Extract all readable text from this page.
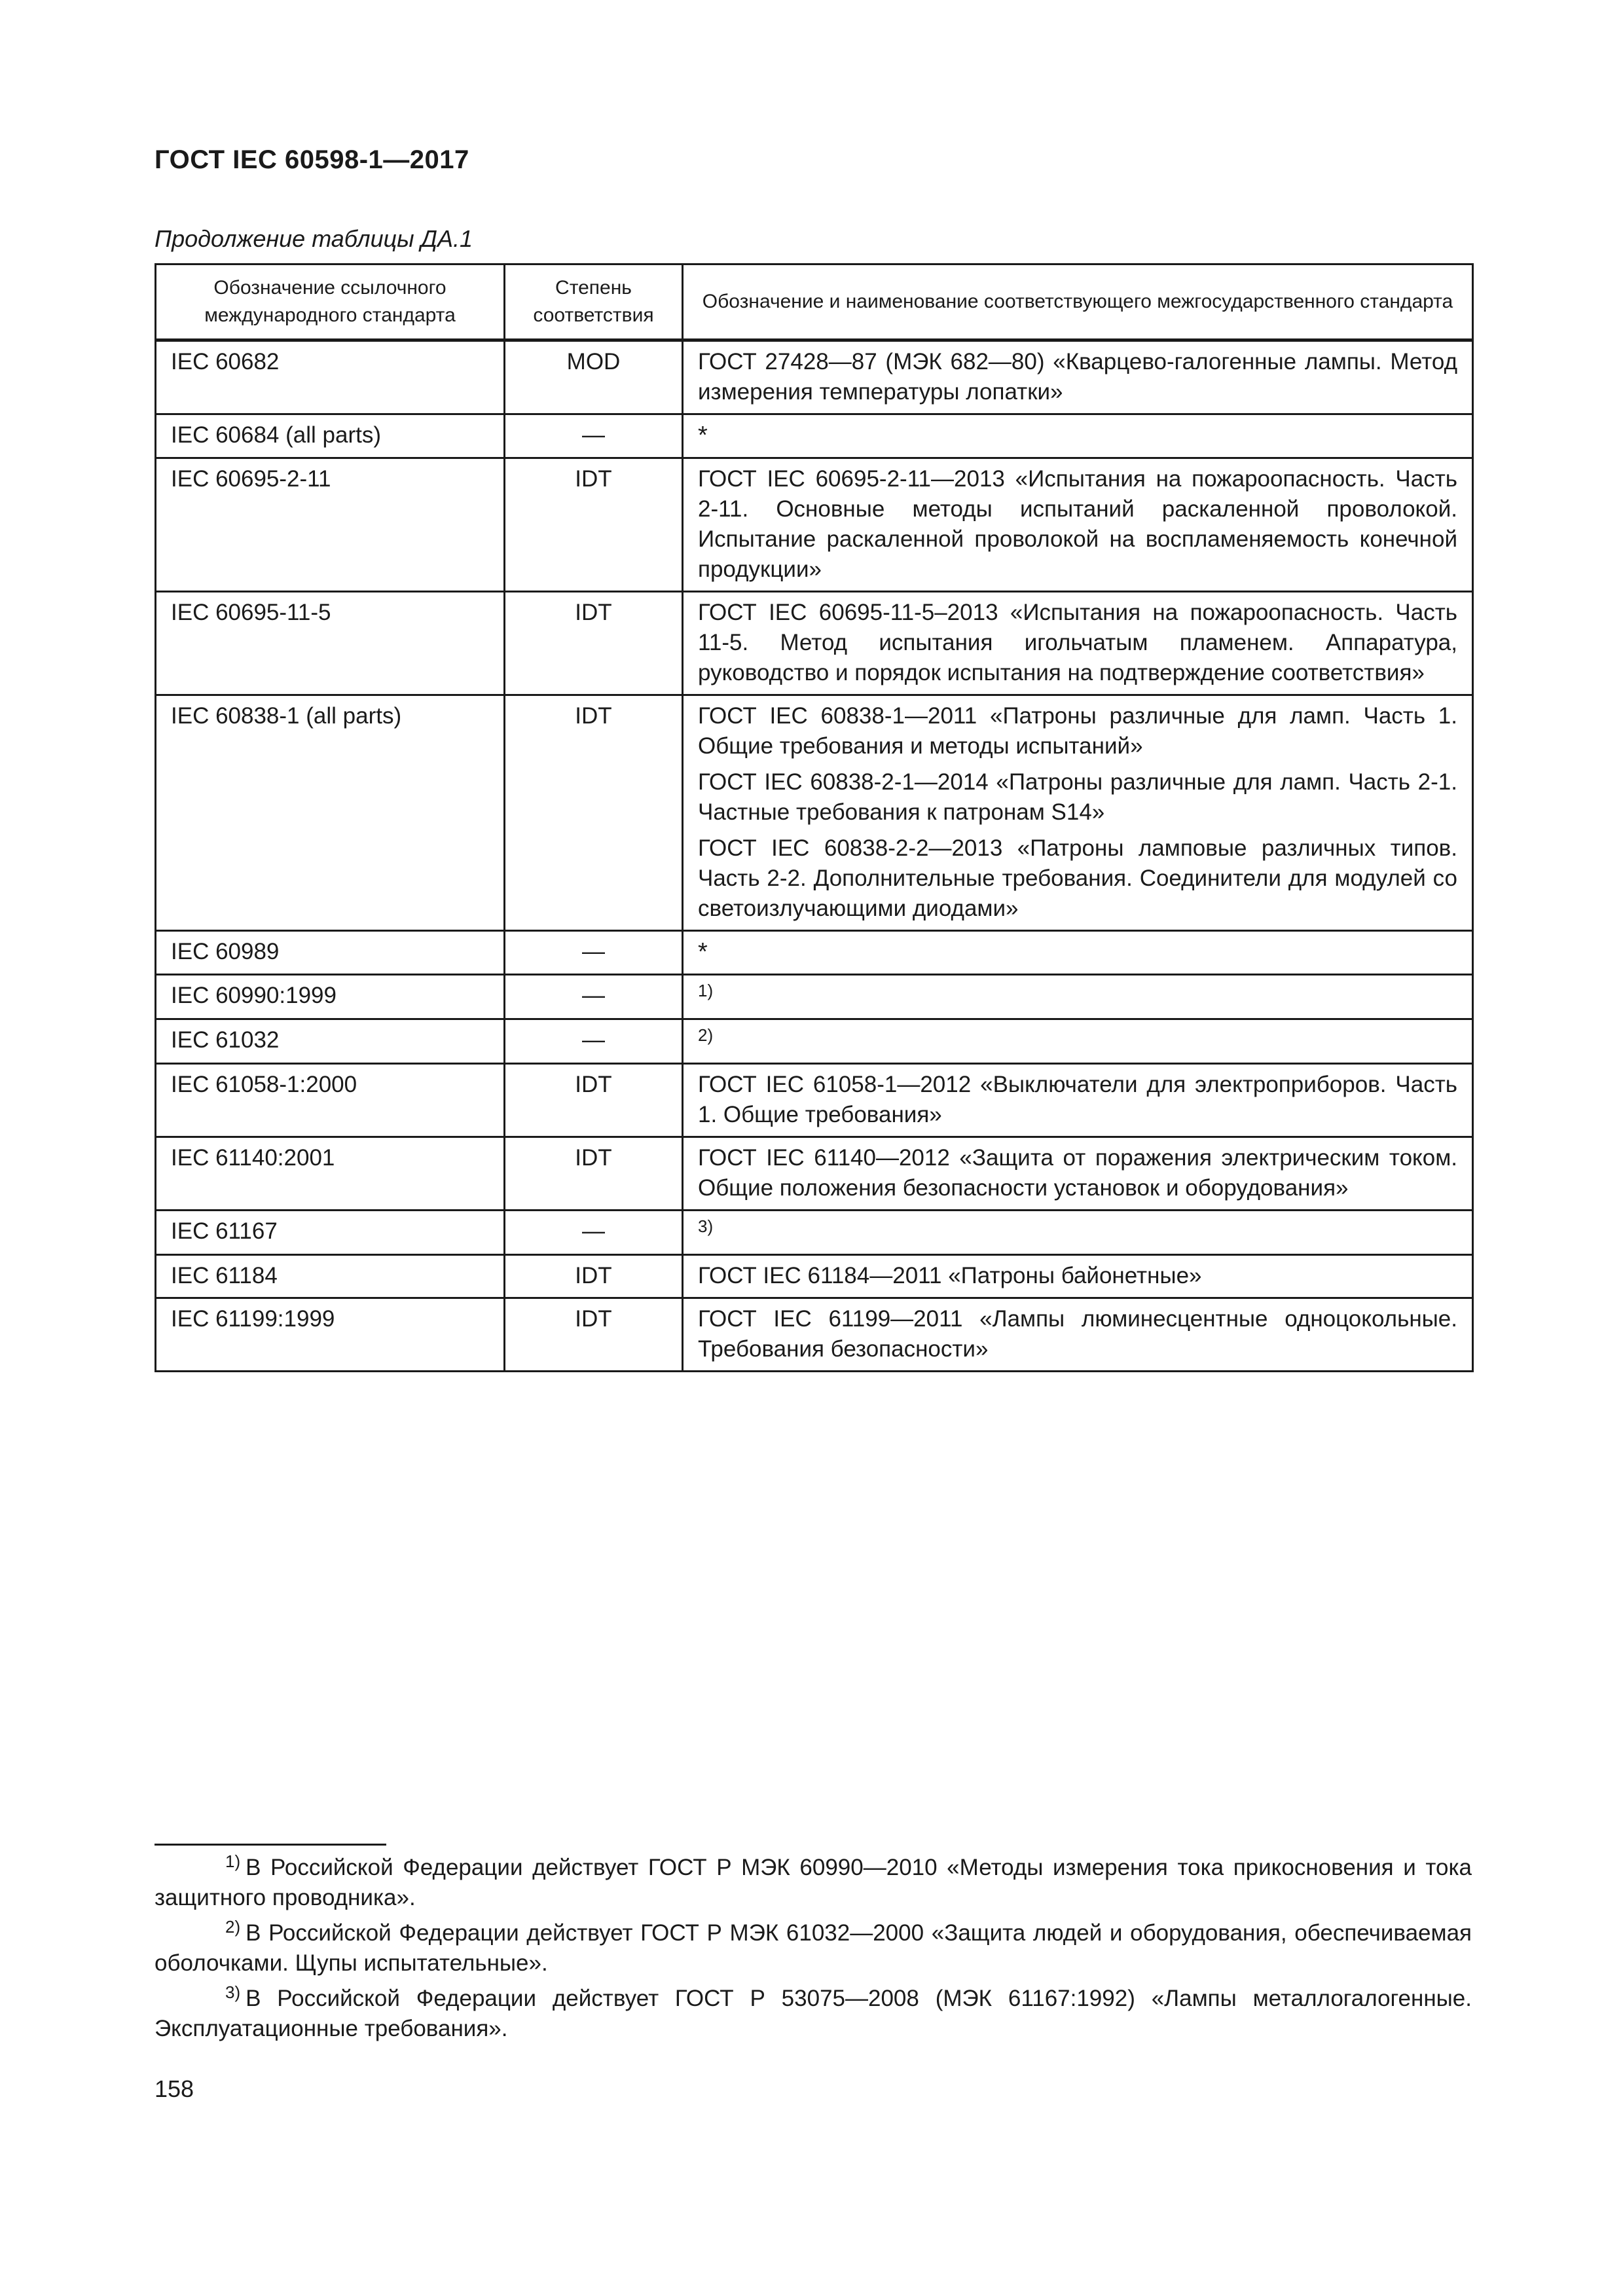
ГОСТ IEC 60598-1—2017
Продолжение таблицы ДА.1
Обозначение ссылочного международного стандарта	Степень соответствия	Обозначение и наименование соответствующего межгосударственного стандарта
IEC 60682	MOD	ГОСТ 27428—87 (МЭК 682—80) «Кварцево-галогенные лампы. Метод измерения температуры лопатки»

IEC 60684 (all parts)	—	*
IEC 60695-2-11	IDT	ГОСТ IEC 60695-2-11—2013 «Испытания на пожароопасность. Часть 2-11. Основные методы испытаний раскаленной проволокой. Испытание раскаленной проволокой на воспламеняемость конечной продукции»

IEC 60695-11-5	IDT	ГОСТ IEC 60695-11-5–2013 «Испытания на пожароопасность. Часть 11-5. Метод испытания игольчатым пламенем. Аппаратура, руководство и порядок испытания на подтверждение соответствия»

IEC 60838-1 (all parts)	IDT	ГОСТ IEC 60838-1—2011 «Патроны различные для ламп. Часть 1. Общие требования и методы испытаний»

ГОСТ IEC 60838-2-1—2014 «Патроны различные для ламп. Часть 2-1. Частные требования к патронам S14»

ГОСТ IEC 60838-2-2—2013 «Патроны ламповые различных типов. Часть 2-2. Дополнительные требования. Соединители для модулей со светоизлучающими диодами»

IEC 60989	—	*
IEC 60990:1999	—	$^{1)}$
IEC 61032	—	$^{2)}$
IEC 61058-1:2000	IDT	ГОСТ IEC 61058-1—2012 «Выключатели для электроприборов. Часть 1. Общие требования»

IEC 61140:2001	IDT	ГОСТ IEC 61140—2012 «Защита от поражения электрическим током. Общие положения безопасности установок и оборудования»

IEC 61167	—	$^{3)}$
IEC 61184	IDT	ГОСТ IEC 61184—2011 «Патроны байонетные»

IEC 61199:1999	IDT	ГОСТ IEC 61199—2011 «Лампы люминесцентные одноцокольные. Требования безопасности»

$^{1)}$ В Российской Федерации действует ГОСТ Р МЭК 60990—2010 «Методы измерения тока прикосновения и тока защитного проводника».

$^{2)}$ В Российской Федерации действует ГОСТ Р МЭК 61032—2000 «Защита людей и оборудования, обеспечиваемая оболочками. Щупы испытательные».

$^{3)}$ В Российской Федерации действует ГОСТ Р 53075—2008 (МЭК 61167:1992) «Лампы металлогалогенные. Эксплуатационные требования».

158
